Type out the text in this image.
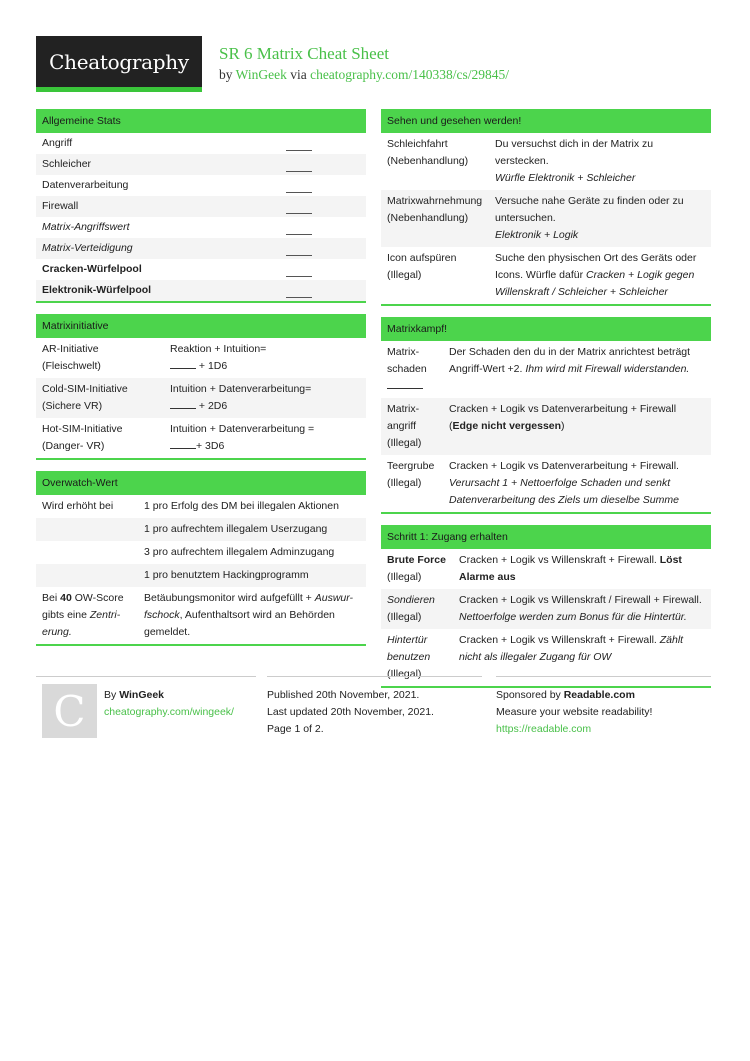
Cheatography SR 6 Matrix Cheat Sheet
by WinGeek via cheatography.com/140338/cs/29845/
Allgemeine Stats
Angriff
Schleicher
Datenverarbeitung
Firewall
Matrix-Angriffswert
Matrix-Verteidigung
Cracken-Würfelpool
Elektronik-Würfelpool
Matrixinitiative
AR-Initiative
(Fleischwelt)
Reaktion + Intuition=
+ 1D6
Cold-SIM-Initiative
(Sichere VR)
Intuition + Datenverarbeitung=
+ 2D6
Hot-SIM-Initiative
(Danger- VR)
Intuition + Datenverarbeitung =
+ 3D6
Overwatch-Wert
Wird erhöht bei	1 pro Erfolg des DM bei illegalen Aktionen
1 pro aufrechtem illegalem Userzugang
3 pro aufrechtem illegalem Adminzugang
1 pro benutztem Hackingprogramm
Bei 40 OW-Score gibts eine Zentri-erung.
Betäubungsmonitor wird aufgefüllt + Auswur-fschock, Aufenthaltsort wird an Behörden gemeldet.
Sehen und gesehen werden!
Schleichfahrt
(Nebenhandlung)
Du versuchst dich in der Matrix zu verstecken.
Würfle Elektronik + Schleicher
Matrixwahrnehmung
(Nebenhandlung)
Versuche nahe Geräte zu finden oder zu untersuchen.
Elektronik + Logik
Icon aufspüren
(Illegal)
Suche den physischen Ort des Geräts oder Icons. Würfle dafür Cracken + Logik gegen Willenskraft / Schleicher + Schleicher
Matrixkampf!
Matrix-
schaden
Der Schaden den du in der Matrix anrichtest beträgt Angriff-Wert +2. Ihm wird mit Firewall widerstanden.
Matrix-
angriff
(Illegal)
Cracken + Logik vs Datenverarbeitung + Firewall (Edge nicht vergessen)
Teergrube
(Illegal)
Cracken + Logik vs Datenverarbeitung + Firewall.
Verursacht 1 + Nettoerfolge Schaden und senkt Datenverarbeitung des Ziels um dieselbe Summe
Schritt 1: Zugang erhalten
Brute Force
(Illegal)
Cracken + Logik vs Willenskraft + Firewall. Löst Alarme aus
Sondieren
(Illegal)
Cracken + Logik vs Willenskraft / Firewall + Firewall.
Nettoerfolge werden zum Bonus für die Hintertür.
Hintertür
benutzen
(Illegal)
Cracken + Logik vs Willenskraft + Firewall. Zählt nicht als illegaler Zugang für OW
C By WinGeek
cheatography.com/wingeek/
Published 20th November, 2021.
Last updated 20th November, 2021.
Page 1 of 2.
Sponsored by Readable.com
Measure your website readability!
https://readable.com
